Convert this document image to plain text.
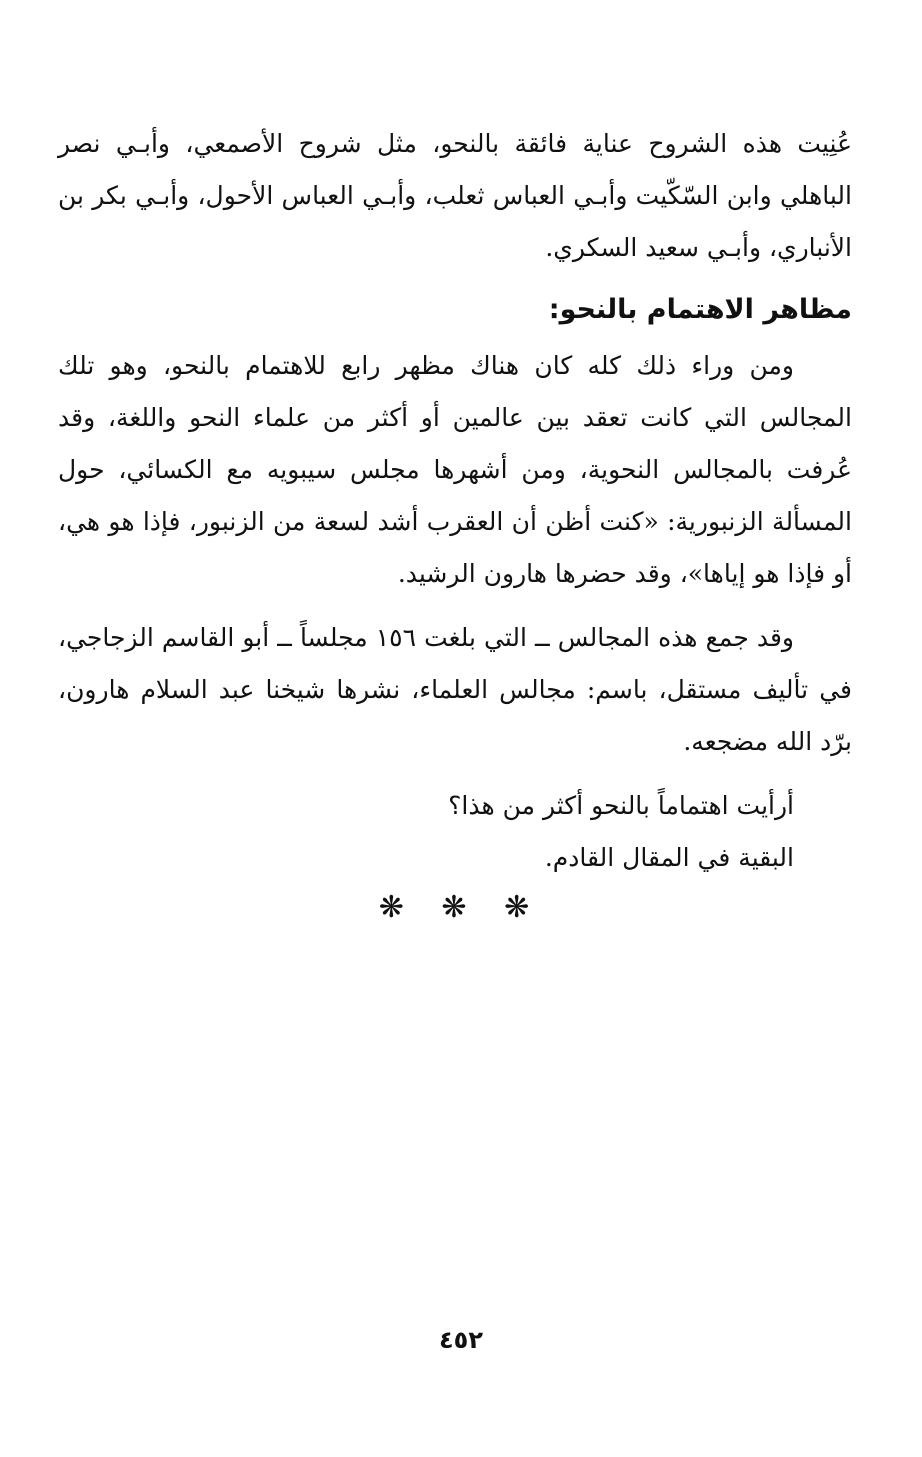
عُنِيت هذه الشروح عناية فائقة بالنحو، مثل شروح الأصمعي، وأبـي نصر الباهلي وابن السّكّيت وأبـي العباس ثعلب، وأبـي العباس الأحول، وأبـي بكر بن الأنباري، وأبـي سعيد السكري.

مظاهر الاهتمام بالنحو:

ومن وراء ذلك كله كان هناك مظهر رابع للاهتمام بالنحو، وهو تلك المجالس التي كانت تعقد بين عالمين أو أكثر من علماء النحو واللغة، وقد عُرفت بالمجالس النحوية، ومن أشهرها مجلس سيبويه مع الكسائي، حول المسألة الزنبورية: «كنت أظن أن العقرب أشد لسعة من الزنبور، فإذا هو هي، أو فإذا هو إياها»، وقد حضرها هارون الرشيد.

وقد جمع هذه المجالس ــ التي بلغت ١٥٦ مجلساً ــ أبو القاسم الزجاجي، في تأليف مستقل، باسم: مجالس العلماء، نشرها شيخنا عبد السلام هارون، برّد الله مضجعه.

أرأيت اهتماماً بالنحو أكثر من هذا؟

البقية في المقال القادم.

❋ ❋ ❋
٤٥٢
